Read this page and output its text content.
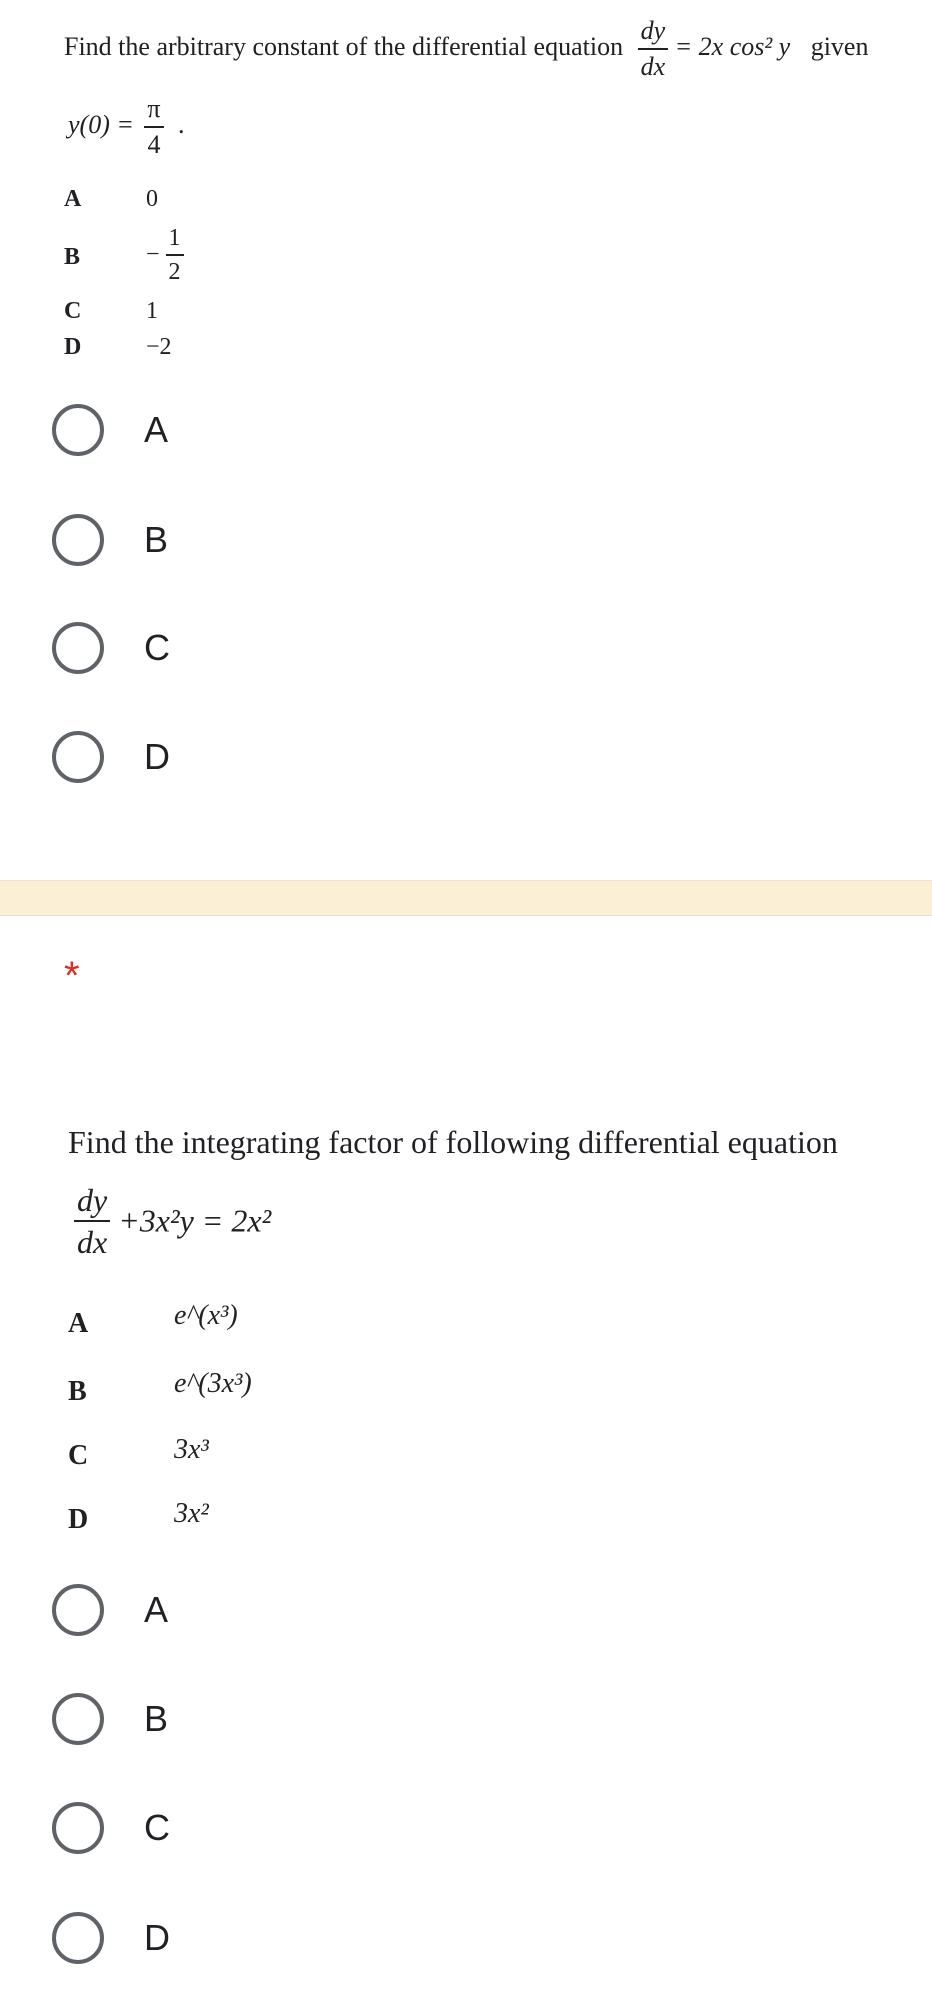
Find the arbitrary constant of the differential equation $\frac{dy}{dx} = 2x$ cos² y given
$y(0) = \frac{\pi}{4}$ .
A	0
B	− $\frac{1}{2}$
C	1
D	−2
A
B
C
D
*
Find the integrating factor of following differential equation
$\frac{dy}{dx} +3x^2y = 2x^2$
A	e^(x³)
B	e^(3x³)
C	3x³
D	3x²
A
B
C
D
